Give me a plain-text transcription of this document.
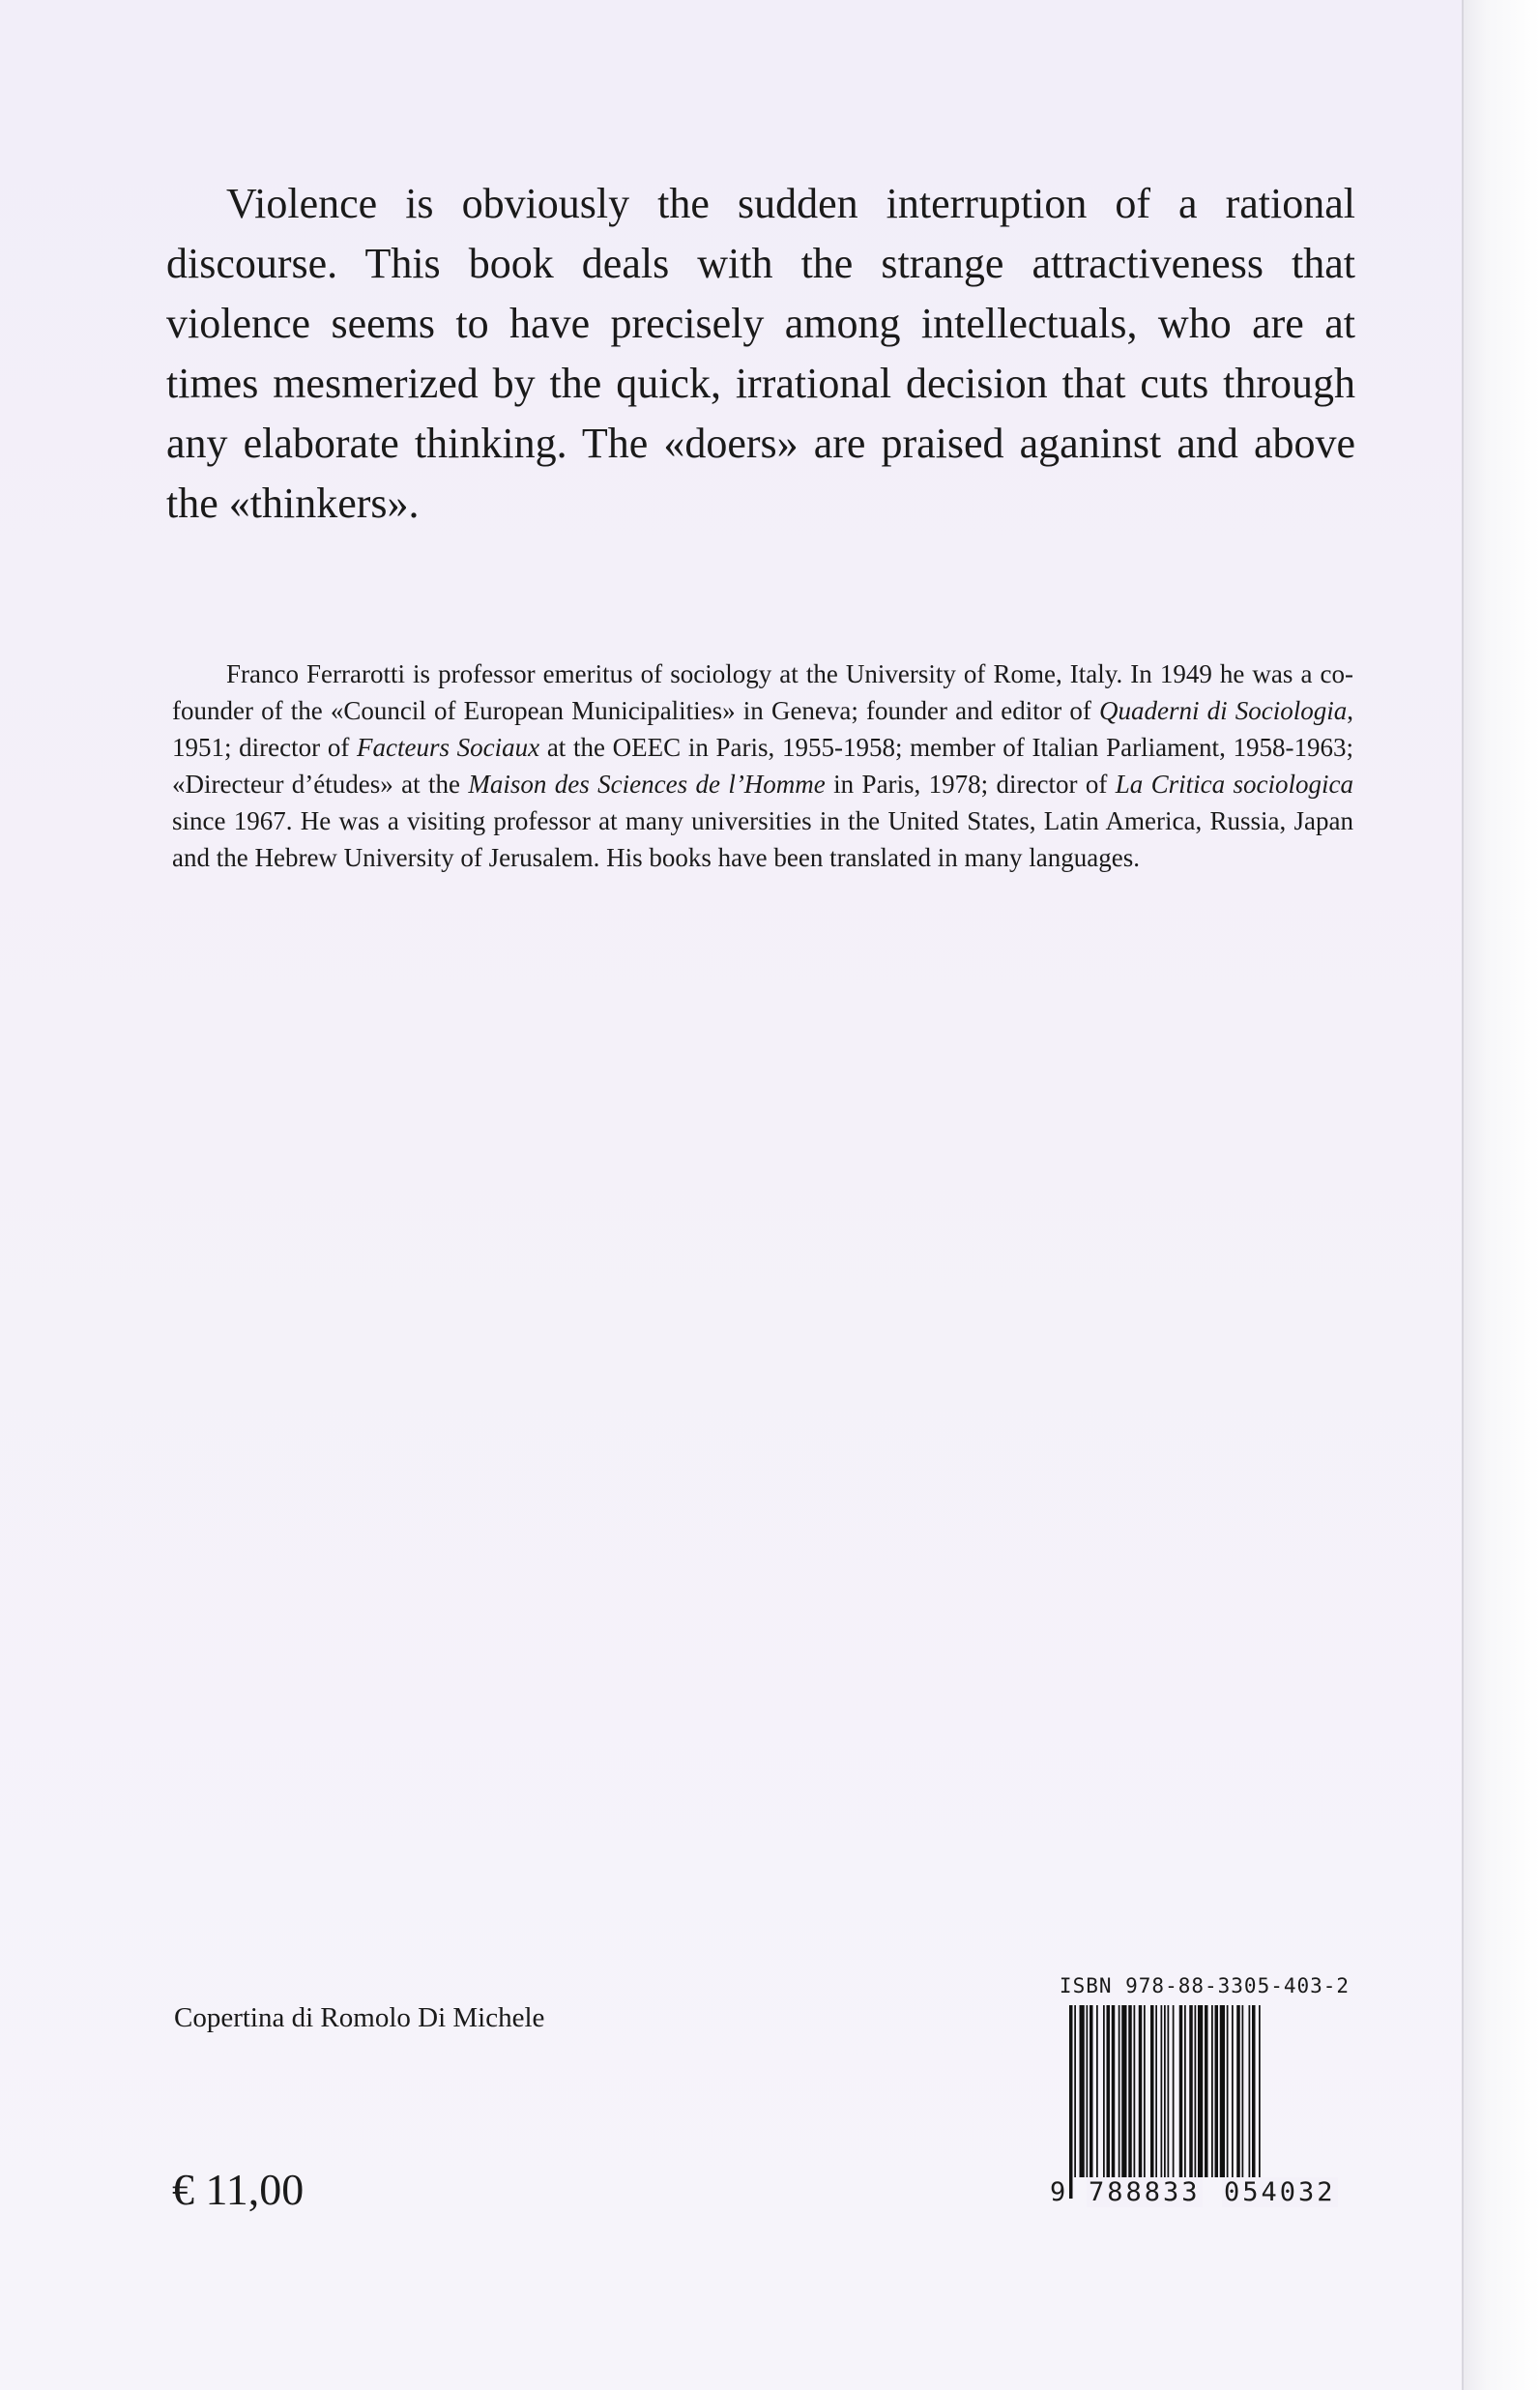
Violence is obviously the sudden interruption of a rational discourse. This book deals with the strange attractiveness that violence seems to have precisely among intellectuals, who are at times mesmerized by the quick, irrational decision that cuts through any elaborate thinking. The «doers» are praised aganinst and above the «thinkers».

Franco Ferrarotti is professor emeritus of sociology at the University of Rome, Italy. In 1949 he was a co-founder of the «Council of European Municipalities» in Geneva; founder and editor of Quaderni di Sociologia, 1951; director of Facteurs Sociaux at the OEEC in Paris, 1955-1958; member of Italian Parliament, 1958-1963; «Directeur d’études» at the Maison des Sciences de l’Homme in Paris, 1978; director of La Critica sociologica since 1967. He was a visiting professor at many universities in the United States, Latin America, Russia, Japan and the Hebrew University of Jerusalem. His books have been translated in many languages.

Copertina di Romolo Di Michele

€ 11,00

ISBN 978-88-3305-403-2
9 788833 054032
